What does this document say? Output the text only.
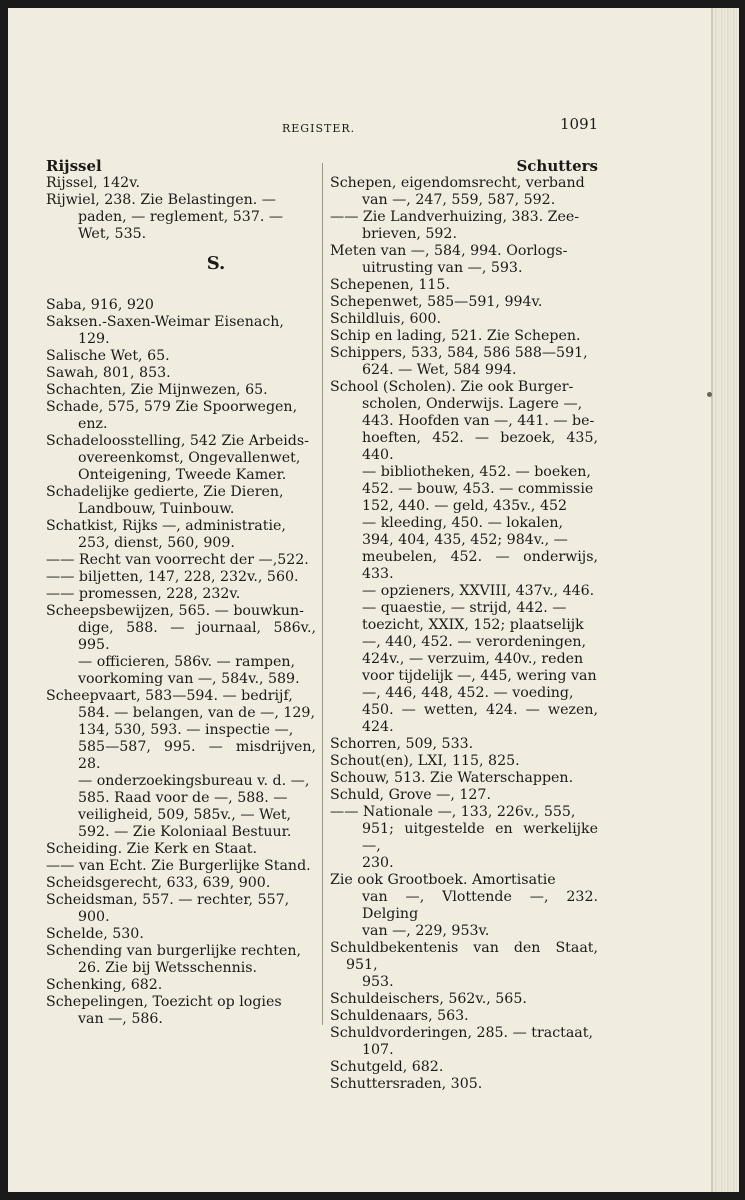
REGISTER.	1091
Rijssel
Rijssel, 142v.
Rijwiel, 238. Zie Belastingen. —
paden, — reglement, 537. —
Wet, 535.
S.
Saba, 916, 920
Saksen.-Saxen-Weimar Eisenach,
129.
Salische Wet, 65.
Sawah, 801, 853.
Schachten, Zie Mijnwezen, 65.
Schade, 575, 579 Zie Spoorwegen,
enz.
Schadeloosstelling, 542 Zie Arbeids-
overeenkomst, Ongevallenwet,
Onteigening, Tweede Kamer.
Schadelijke gedierte, Zie Dieren,
Landbouw, Tuinbouw.
Schatkist, Rijks —, administratie,
253, dienst, 560, 909.
—— Recht van voorrecht der —,522.
—— biljetten, 147, 228, 232v., 560.
—— promessen, 228, 232v.
Scheepsbewijzen, 565. — bouwkun-
dige, 588. — journaal, 586v., 995.
— officieren, 586v. — rampen,
voorkoming van —, 584v., 589.
Scheepvaart, 583—594. — bedrijf,
584. — belangen, van de —, 129,
134, 530, 593. — inspectie —,
585—587, 995. — misdrijven, 28.
— onderzoekingsbureau v. d. —,
585. Raad voor de —, 588. —
veiligheid, 509, 585v., — Wet,
592. — Zie Koloniaal Bestuur.
Scheiding. Zie Kerk en Staat.
—— van Echt. Zie Burgerlijke Stand.
Scheidsgerecht, 633, 639, 900.
Scheidsman, 557. — rechter, 557,
900.
Schelde, 530.
Schending van burgerlijke rechten,
26. Zie bij Wetsschennis.
Schenking, 682.
Schepelingen, Toezicht op logies
van —, 586.
Schutters
Schepen, eigendomsrecht, verband
van —, 247, 559, 587, 592.
—— Zie Landverhuizing, 383. Zee-
brieven, 592.
Meten van —, 584, 994. Oorlogs-
uitrusting van —, 593.
Schepenen, 115.
Schepenwet, 585—591, 994v.
Schildluis, 600.
Schip en lading, 521. Zie Schepen.
Schippers, 533, 584, 586 588—591,
624. — Wet, 584 994.
School (Scholen). Zie ook Burger-
scholen, Onderwijs. Lagere —,
443. Hoofden van —, 441. — be-
hoeften, 452. — bezoek, 435, 440.
— bibliotheken, 452. — boeken,
452. — bouw, 453. — commissie
152, 440. — geld, 435v., 452
— kleeding, 450. — lokalen,
394, 404, 435, 452; 984v., —
meubelen, 452. — onderwijs, 433.
— opzieners, XXVIII, 437v., 446.
— quaestie, — strijd, 442. —
toezicht, XXIX, 152; plaatselijk
—, 440, 452. — verordeningen,
424v., — verzuim, 440v., reden
voor tijdelijk —, 445, wering van
—, 446, 448, 452. — voeding,
450. — wetten, 424. — wezen, 424.
Schorren, 509, 533.
Schout(en), LXI, 115, 825.
Schouw, 513. Zie Waterschappen.
Schuld, Grove —, 127.
—— Nationale —, 133, 226v., 555,
951; uitgestelde en werkelijke —,
230.
Zie ook Grootboek. Amortisatie
van —, Vlottende —, 232. Delging
van —, 229, 953v.
Schuldbekentenis van den Staat, 951,
953.
Schuldeischers, 562v., 565.
Schuldenaars, 563.
Schuldvorderingen, 285. — tractaat,
107.
Schutgeld, 682.
Schuttersraden, 305.
